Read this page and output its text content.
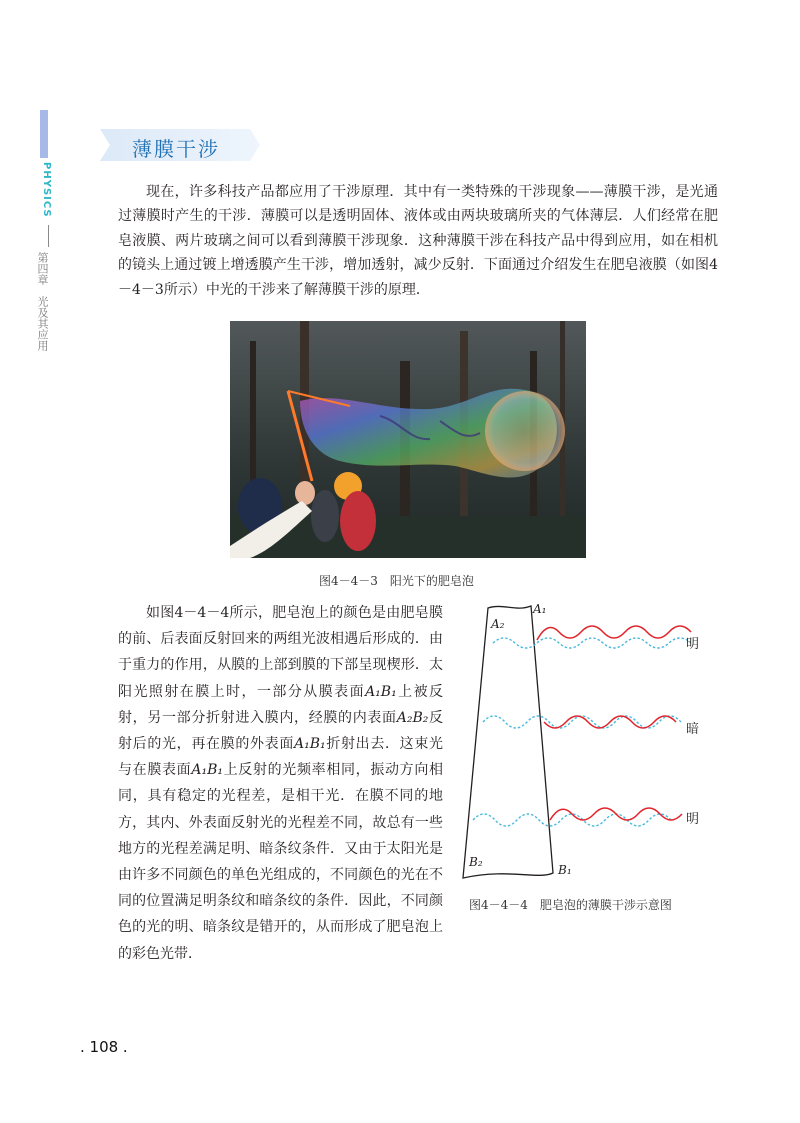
PHYSICS
第四章　光及其应用
薄膜干涉

现在，许多科技产品都应用了干涉原理．其中有一类特殊的干涉现象——薄膜干涉，是光通过薄膜时产生的干涉．薄膜可以是透明固体、液体或由两块玻璃所夹的气体薄层．人们经常在肥皂液膜、两片玻璃之间可以看到薄膜干涉现象．这种薄膜干涉在科技产品中得到应用，如在相机的镜头上通过镀上增透膜产生干涉，增加透射，减少反射．下面通过介绍发生在肥皂液膜（如图4－4－3所示）中光的干涉来了解薄膜干涉的原理．

图4－4－3　阳光下的肥皂泡

如图4－4－4所示，肥皂泡上的颜色是由肥皂膜的前、后表面反射回来的两组光波相遇后形成的．由于重力的作用，从膜的上部到膜的下部呈现楔形．太阳光照射在膜上时，一部分从膜表面A₁B₁上被反射，另一部分折射进入膜内，经膜的内表面A₂B₂反射后的光，再在膜的外表面A₁B₁折射出去．这束光与在膜表面A₁B₁上反射的光频率相同，振动方向相同，具有稳定的光程差，是相干光．在膜不同的地方，其内、外表面反射光的光程差不同，故总有一些地方的光程差满足明、暗条纹条件．又由于太阳光是由许多不同颜色的单色光组成的，不同颜色的光在不同的位置满足明条纹和暗条纹的条件．因此，不同颜色的光的明、暗条纹是错开的，从而形成了肥皂泡上的彩色光带．

A₁
A₂
B₂
B₁
明
暗
明
图4－4－4　肥皂泡的薄膜干涉示意图
. 108 .
